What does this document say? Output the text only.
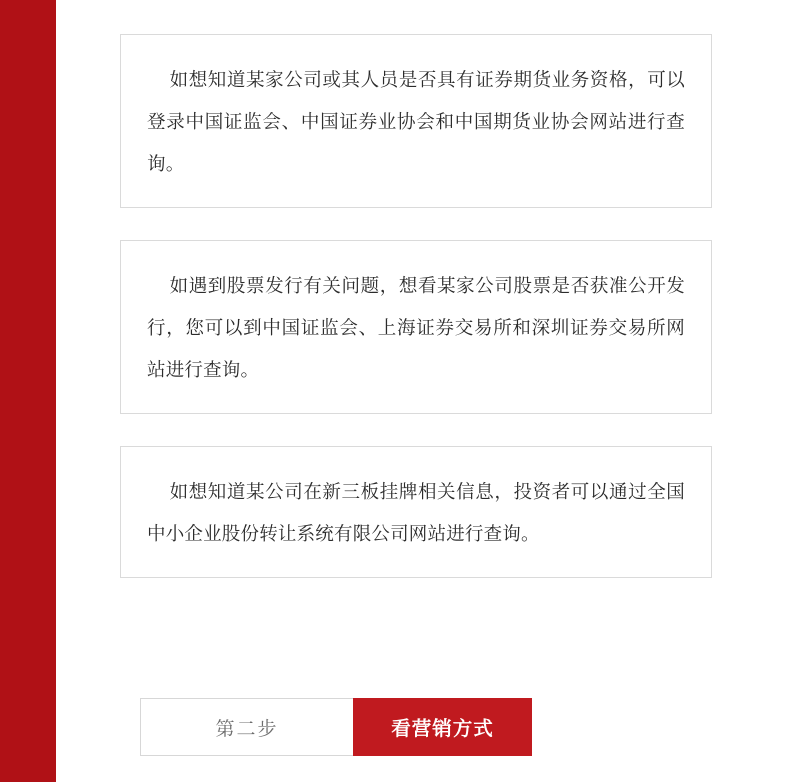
如想知道某家公司或其人员是否具有证券期货业务资格，可以登录中国证监会、中国证券业协会和中国期货业协会网站进行查询。

如遇到股票发行有关问题，想看某家公司股票是否获准公开发行，您可以到中国证监会、上海证券交易所和深圳证券交易所网站进行查询。

如想知道某公司在新三板挂牌相关信息，投资者可以通过全国中小企业股份转让系统有限公司网站进行查询。

第二步	看营销方式
